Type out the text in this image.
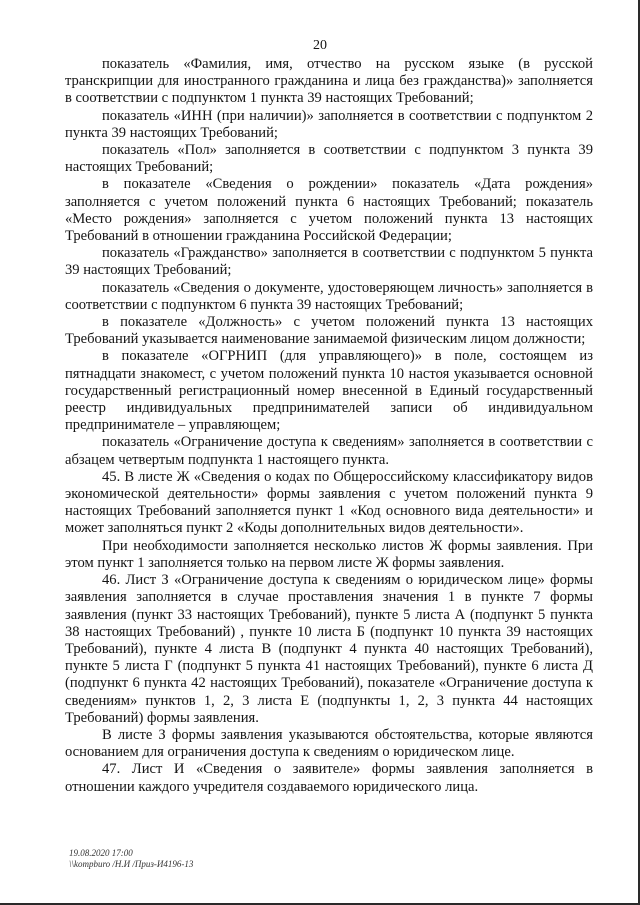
20

показатель «Фамилия, имя, отчество на русском языке (в русской транскрипции для иностранного гражданина и лица без гражданства)» заполняется в соответствии с подпунктом 1 пункта 39 настоящих Требований;

показатель «ИНН (при наличии)» заполняется в соответствии с подпунктом 2 пункта 39 настоящих Требований;

показатель «Пол» заполняется в соответствии с подпунктом 3 пункта 39 настоящих Требований;

в показателе «Сведения о рождении» показатель «Дата рождения» заполняется с учетом положений пункта 6 настоящих Требований; показатель «Место рождения» заполняется с учетом положений пункта 13 настоящих Требований в отношении гражданина Российской Федерации;

показатель «Гражданство» заполняется в соответствии с подпунктом 5 пункта 39 настоящих Требований;

показатель «Сведения о документе, удостоверяющем личность» заполняется в соответствии с подпунктом 6 пункта 39 настоящих Требований;

в показателе «Должность» с учетом положений пункта 13 настоящих Требований указывается наименование занимаемой физическим лицом должности;

в показателе «ОГРНИП (для управляющего)» в поле, состоящем из пятнадцати знакомест, с учетом положений пункта 10 настоя указывается основной государственный регистрационный номер внесенной в Единый государственный реестр индивидуальных предпринимателей записи об индивидуальном предпринимателе – управляющем;

показатель «Ограничение доступа к сведениям» заполняется в соответствии с абзацем четвертым подпункта 1 настоящего пункта.

45. В листе Ж «Сведения о кодах по Общероссийскому классификатору видов экономической деятельности» формы заявления с учетом положений пункта 9 настоящих Требований заполняется пункт 1 «Код основного вида деятельности» и может заполняться пункт 2 «Коды дополнительных видов деятельности».

При необходимости заполняется несколько листов Ж формы заявления. При этом пункт 1 заполняется только на первом листе Ж формы заявления.

46. Лист З «Ограничение доступа к сведениям о юридическом лице» формы заявления заполняется в случае проставления значения 1 в пункте 7 формы заявления (пункт 33 настоящих Требований), пункте 5 листа А (подпункт 5 пункта 38 настоящих Требований) , пункте 10 листа Б (подпункт 10 пункта 39 настоящих Требований), пункте 4 листа В (подпункт 4 пункта 40 настоящих Требований), пункте 5 листа Г (подпункт 5 пункта 41 настоящих Требований), пункте 6 листа Д (подпункт 6 пункта 42 настоящих Требований), показателе «Ограничение доступа к сведениям» пунктов 1, 2, 3 листа Е (подпункты 1, 2, 3 пункта 44 настоящих Требований) формы заявления.

В листе З формы заявления указываются обстоятельства, которые являются основанием для ограничения доступа к сведениям о юридическом лице.

47. Лист И «Сведения о заявителе» формы заявления заполняется в отношении каждого учредителя создаваемого юридического лица.

19.08.2020 17:00
\\kompburo /Н.И /Приз-И4196-13
